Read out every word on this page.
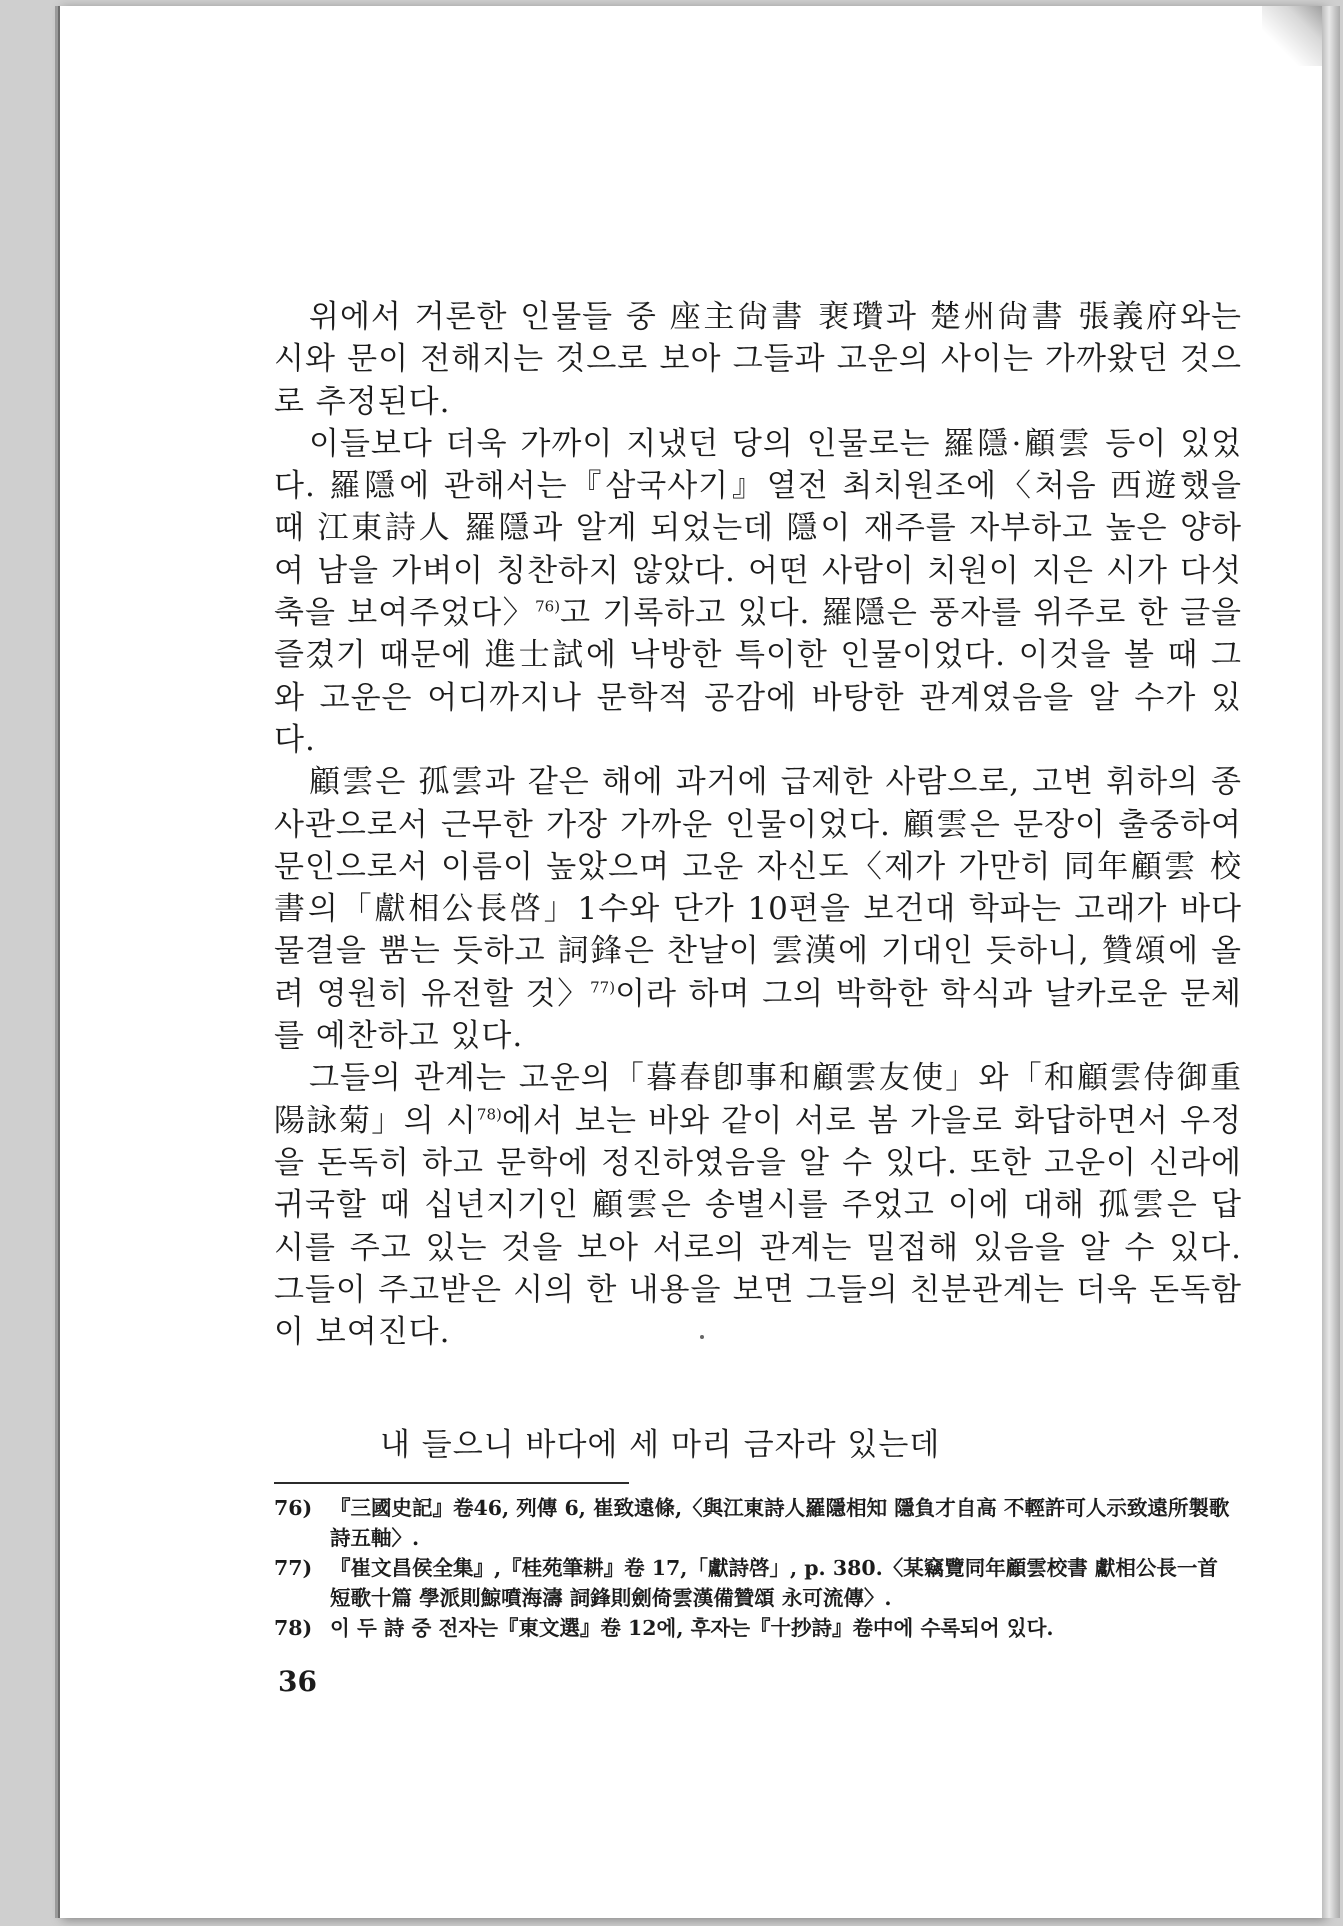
위에서 거론한 인물들 중 座主尙書 裵瓚과 楚州尙書 張義府와는 시와 문이 전해지는 것으로 보아 그들과 고운의 사이는 가까왔던 것으로 추정된다.
이들보다 더욱 가까이 지냈던 당의 인물로는 羅隱·顧雲 등이 있었다. 羅隱에 관해서는『삼국사기』열전 최치원조에〈처음 西遊했을 때 江東詩人 羅隱과 알게 되었는데 隱이 재주를 자부하고 높은 양하여 남을 가벼이 칭찬하지 않았다. 어떤 사람이 치원이 지은 시가 다섯 축을 보여주었다〉$^{76)}$고 기록하고 있다. 羅隱은 풍자를 위주로 한 글을 즐겼기 때문에 進士試에 낙방한 특이한 인물이었다. 이것을 볼 때 그와 고운은 어디까지나 문학적 공감에 바탕한 관계였음을 알 수가 있다.
顧雲은 孤雲과 같은 해에 과거에 급제한 사람으로, 고변 휘하의 종사관으로서 근무한 가장 가까운 인물이었다. 顧雲은 문장이 출중하여 문인으로서 이름이 높았으며 고운 자신도〈제가 가만히 同年顧雲 校書의「獻相公長啓」1수와 단가 10편을 보건대 학파는 고래가 바다 물결을 뿜는 듯하고 詞鋒은 찬날이 雲漢에 기대인 듯하니, 贊頌에 올려 영원히 유전할 것〉$^{77)}$이라 하며 그의 박학한 학식과 날카로운 문체를 예찬하고 있다.
그들의 관계는 고운의「暮春卽事和顧雲友使」와「和顧雲侍御重陽詠菊」의 시$^{78)}$에서 보는 바와 같이 서로 봄 가을로 화답하면서 우정을 돈독히 하고 문학에 정진하였음을 알 수 있다. 또한 고운이 신라에 귀국할 때 십년지기인 顧雲은 송별시를 주었고 이에 대해 孤雲은 답시를 주고 있는 것을 보아 서로의 관계는 밀접해 있음을 알 수 있다. 그들이 주고받은 시의 한 내용을 보면 그들의 친분관계는 더욱 돈독함이 보여진다.
내 들으니 바다에 세 마리 금자라 있는데
76) 『三國史記』卷46, 列傳 6, 崔致遠條,〈與江東詩人羅隱相知 隱負才自高 不輕許可人示致遠所製歌詩五軸〉.
77) 『崔文昌侯全集』,『桂苑筆耕』卷 17,「獻詩啓」, p. 380.〈某竊覽同年顧雲校書 獻相公長一首 短歌十篇 學派則鯨噴海濤 詞鋒則劍倚雲漢備贊頌 永可流傳〉.
78) 이 두 詩 중 전자는『東文選』卷 12에, 후자는『十抄詩』卷中에 수록되어 있다.
36
